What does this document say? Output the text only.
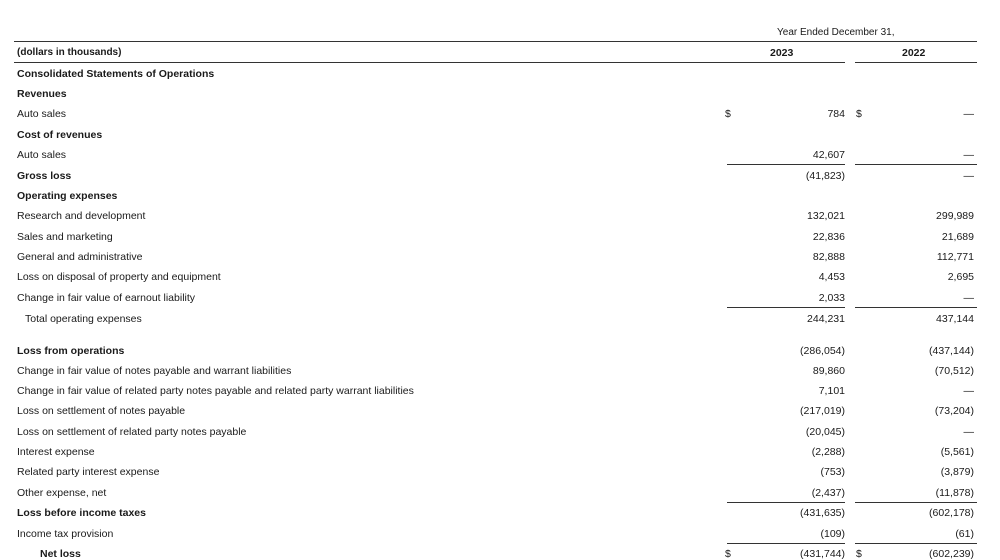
Year Ended December 31,
(dollars in thousands)	2023	2022
Consolidated Statements of Operations
Revenues
Auto sales	$	784 $	—
Cost of revenues
Auto sales	42,607	—
Gross loss	(41,823)	—
Operating expenses
Research and development	132,021	299,989
Sales and marketing	22,836	21,689
General and administrative	82,888	112,771
Loss on disposal of property and equipment	4,453	2,695
Change in fair value of earnout liability	2,033	—
Total operating expenses	244,231	437,144
Loss from operations	(286,054)	(437,144)
Change in fair value of notes payable and warrant liabilities	89,860	(70,512)
Change in fair value of related party notes payable and related party warrant liabilities	7,101	—
Loss on settlement of notes payable	(217,019)	(73,204)
Loss on settlement of related party notes payable	(20,045)	—
Interest expense	(2,288)	(5,561)
Related party interest expense	(753)	(3,879)
Other expense, net	(2,437)	(11,878)
Loss before income taxes	(431,635)	(602,178)
Income tax provision	(109)	(61)
Net loss	$	(431,744) $	(602,239)
